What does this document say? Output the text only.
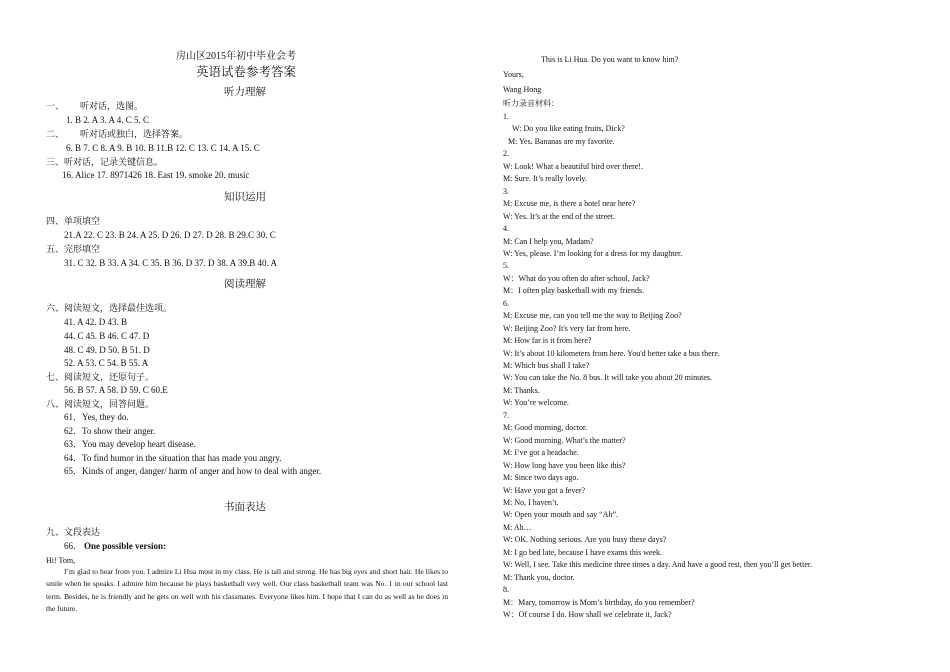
房山区2015年初中毕业会考
英语试卷参考答案
听力理解
一、 听对话，选图。
1. B 2. A 3. A 4. C 5. C
二、 听对话或独白，选择答案。
6. B 7. C 8. A 9. B 10. B 11.B 12. C 13. C 14. A 15. C
三、听对话，记录关键信息。
16. Alice 17. 8971426 18. East 19. smoke 20. music
知识运用
四、单项填空
21.A 22. C 23. B 24. A 25. D 26. D 27. D 28. B 29.C 30. C
五、完形填空
31. C 32. B 33. A 34. C 35. B 36. D 37. D 38. A 39.B 40. A
阅读理解
六、阅读短文，选择最佳选项。
41. A 42. D 43. B
44. C 45. B 46. C 47. D
48. C 49. D 50. B 51. D
52. A 53. C 54. B 55. A
七、阅读短文，还原句子。
56. B 57. A 58. D 59. C 60.E
八、阅读短文，回答问题。
61．Yes, they do.
62．To show their anger.
63．You may develop heart disease.
64．To find humor in the situation that has made you angry.
65．Kinds of anger, danger/ harm of anger and how to deal with anger.
书面表达
九、文段表达
66． One possible version:
Hi! Tom,
I’m glad to hear from you. I admire Li Hua most in my class. He is tall and strong. He has big eyes and short hair. He likes to smile when he speaks. I admire him because he plays basketball very well. Our class basketball team was No. 1 in our school last term. Besides, he is friendly and he gets on well with his classmates. Everyone likes him. I hope that I can do as well as he does in the future.
This is Li Hua. Do you want to know him?
Yours,
Wang Hong
听力录音材料：
1.
W: Do you like eating fruits, Dick?
M: Yes. Bananas are my favorite.
2.
W: Look! What a beautiful bird over there!.
M: Sure. It’s really lovely.
3.
M: Excuse me, is there a hotel near here?
W: Yes. It’s at the end of the street.
4.
M: Can I help you, Madam?
W: Yes, please. I’m looking for a dress for my daughter.
5.
W：What do you often do after school, Jack?
M：I often play basketball with my friends.
6.
M: Excuse me, can you tell me the way to Beijing Zoo?
W: Beijing Zoo? It's very far from here.
M: How far is it from here?
W: It’s about 10 kilometers from here. You'd better take a bus there.
M: Which bus shall I take?
W: You can take the No. 8 bus. It will take you about 20 minutes.
M: Thanks.
W: You’re welcome.
7.
M: Good morning, doctor.
W: Good morning. What’s the matter?
M: I’ve got a headache.
W: How long have you been like this?
M: Since two days ago.
W: Have you got a fever?
M: No, I haven’t.
W: Open your mouth and say “Ah”.
M: Ah…
W: OK. Nothing serious. Are you busy these days?
M: I go bed late, because I have exams this week.
W: Well, I see. Take this medicine three times a day. And have a good rest, then you’ll get better.
M: Thank you, doctor.
8.
M：Mary, tomorrow is Mom’s birthday, do you remember?
W：Of course I do. How shall we celebrate it, Jack?
